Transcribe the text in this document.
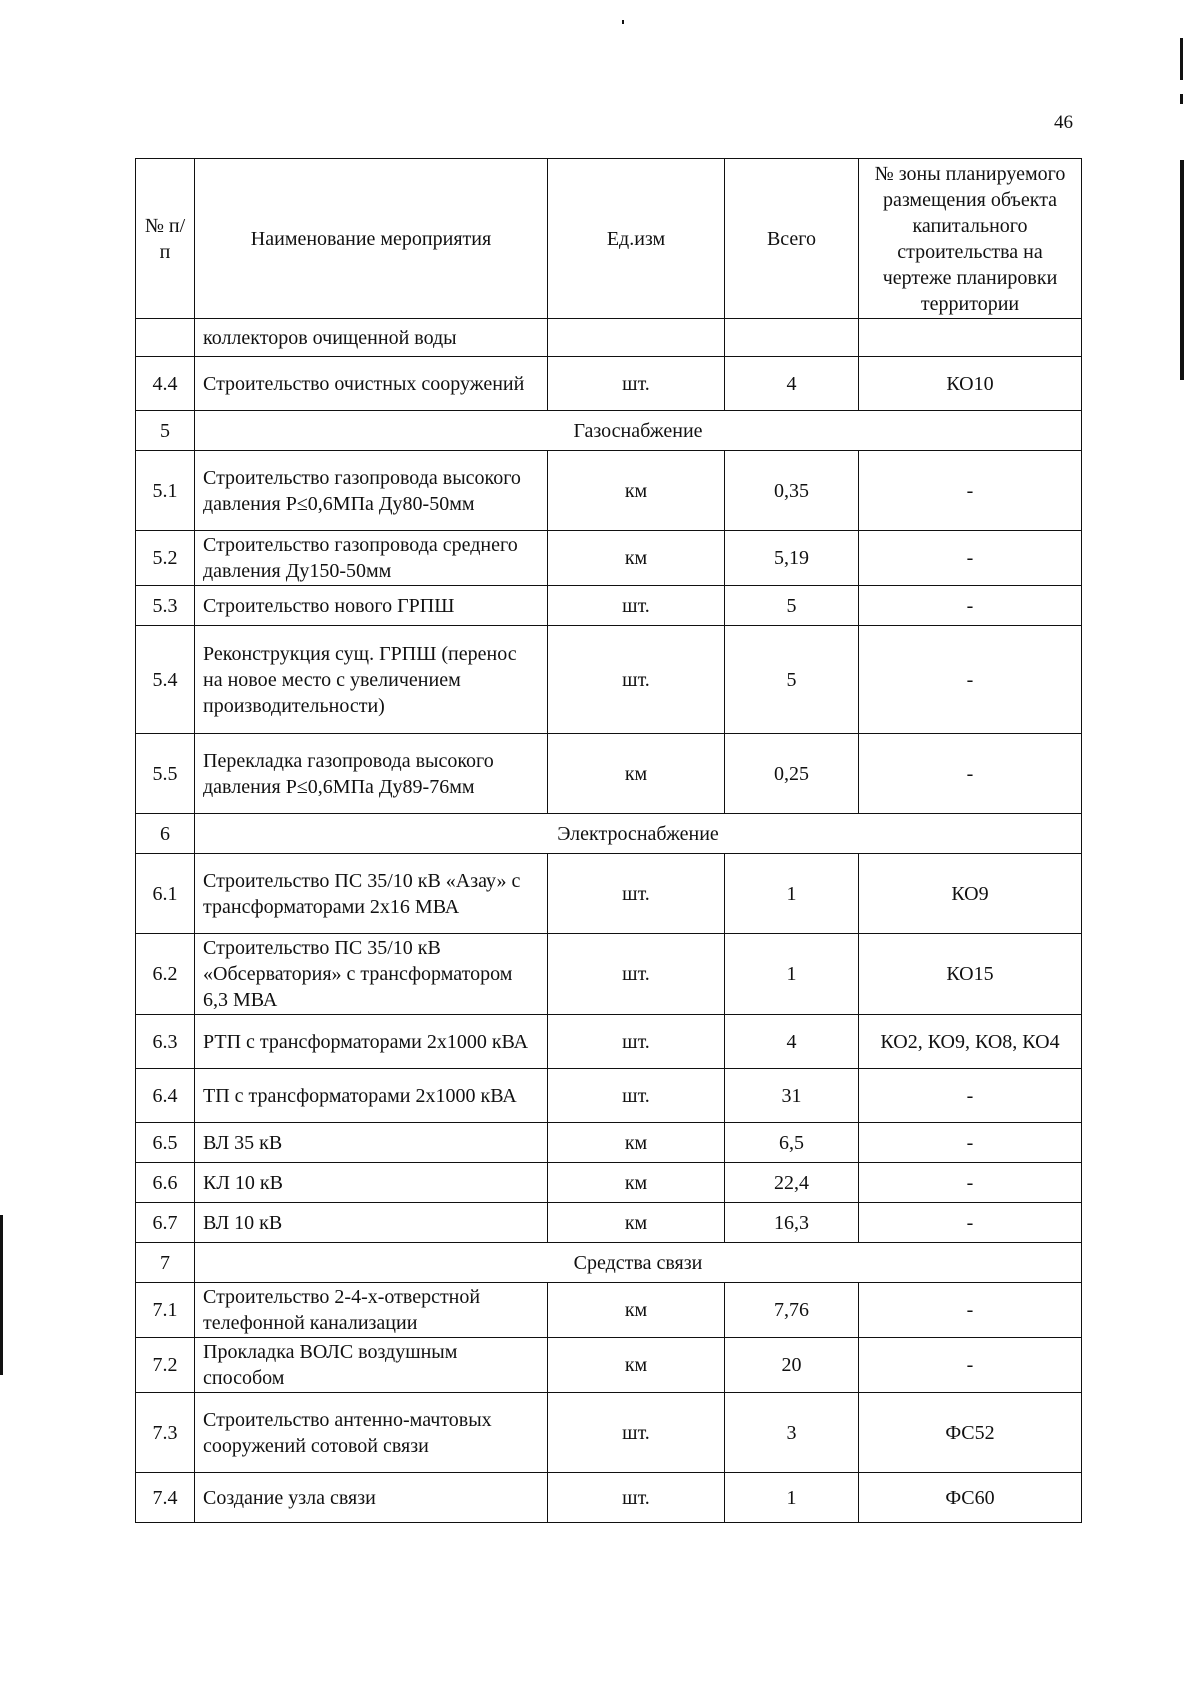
46
№ п/п	Наименование мероприятия	Ед.изм	Всего	№ зоны планируемого размещения объекта капитального строительства на чертеже планировки территории
	коллекторов очищенной воды			
4.4	Строительство очистных сооружений	шт.	4	КО10
5	Газоснабжение			
5.1	Строительство газопровода высокого давления Р≤0,6МПа Ду80-50мм	км	0,35	-
5.2	Строительство газопровода среднего давления Ду150-50мм	км	5,19	-
5.3	Строительство нового ГРПШ	шт.	5	-
5.4	Реконструкция сущ. ГРПШ (перенос на новое место с увеличением производительности)	шт.	5	-
5.5	Перекладка газопровода высокого давления Р≤0,6МПа Ду89-76мм	км	0,25	-
6	Электроснабжение			
6.1	Строительство ПС 35/10 кВ «Азау» с трансформаторами 2х16 МВА	шт.	1	КО9
6.2	Строительство ПС 35/10 кВ «Обсерватория» с трансформатором 6,3 МВА	шт.	1	КО15
6.3	РТП с трансформаторами 2х1000 кВА	шт.	4	КО2, КО9, КО8, КО4
6.4	ТП с трансформаторами 2х1000 кВА	шт.	31	-
6.5	ВЛ 35 кВ	км	6,5	-
6.6	КЛ 10 кВ	км	22,4	-
6.7	ВЛ 10 кВ	км	16,3	-
7	Средства связи			
7.1	Строительство 2-4-х-отверстной телефонной канализации	км	7,76	-
7.2	Прокладка ВОЛС воздушным способом	км	20	-
7.3	Строительство антенно-мачтовых сооружений сотовой связи	шт.	3	ФС52
7.4	Создание узла связи	шт.	1	ФС60
